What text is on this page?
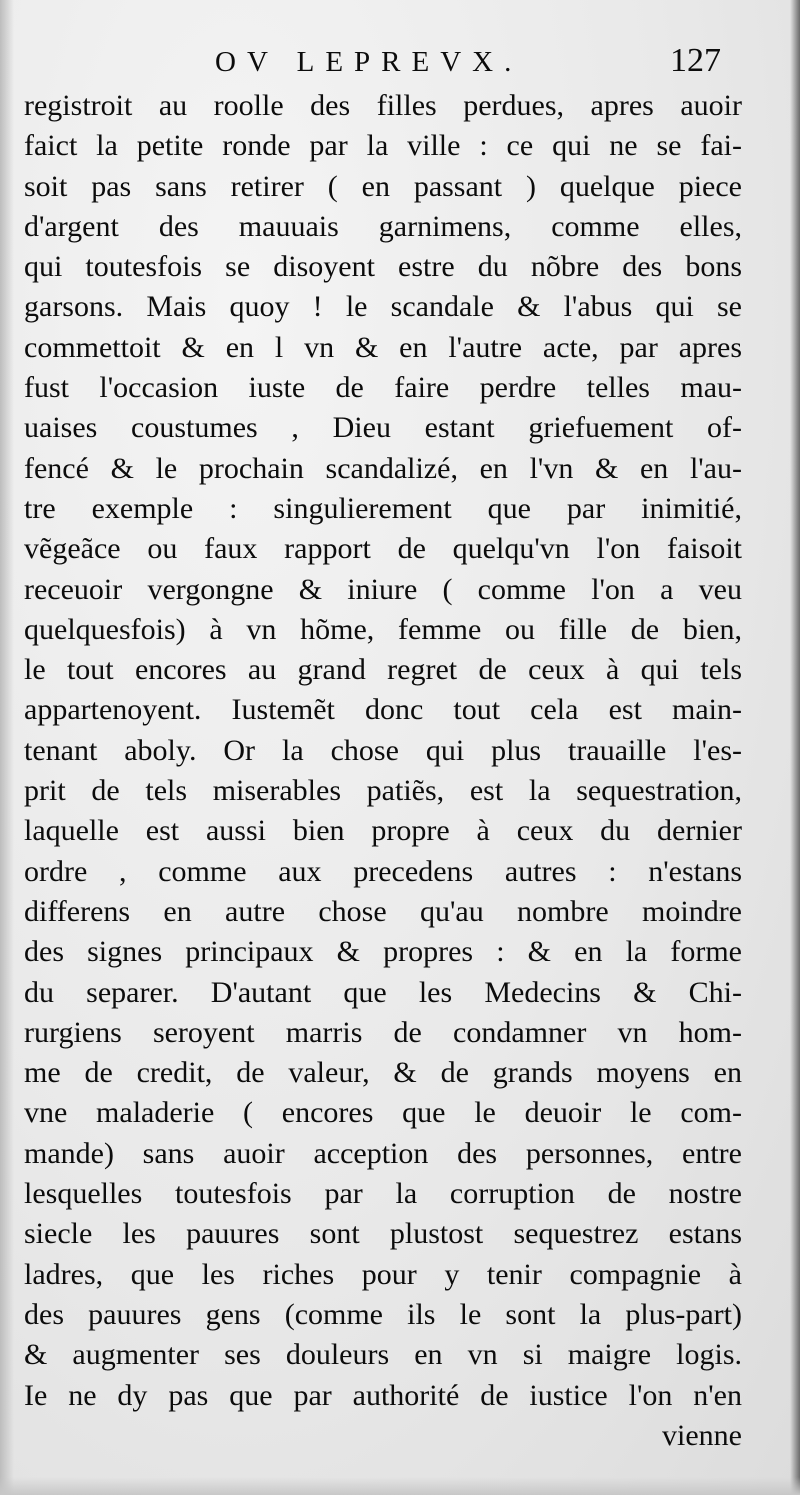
OV LEPREVX.	127
registroit au roolle des filles perdues, apres auoir
faict la petite ronde par la ville : ce qui ne se fai-
soit pas sans retirer ( en passant ) quelque piece
d'argent des mauuais garnimens, comme elles,
qui toutesfois se disoyent estre du nõbre des bons
garsons. Mais quoy ! le scandale & l'abus qui se
commettoit & en l vn & en l'autre acte, par apres
fust l'occasion iuste de faire perdre telles mau-
uaises coustumes , Dieu estant griefuement of-
fencé & le prochain scandalizé, en l'vn & en l'au-
tre exemple : singulierement que par inimitié,
vẽgeãce ou faux rapport de quelqu'vn l'on faisoit
receuoir vergongne & iniure ( comme l'on a veu
quelquesfois) à vn hõme, femme ou fille de bien,
le tout encores au grand regret de ceux à qui tels
appartenoyent. Iustemẽt donc tout cela est main-
tenant aboly. Or la chose qui plus trauaille l'es-
prit de tels miserables patiẽs, est la sequestration,
laquelle est aussi bien propre à ceux du dernier
ordre , comme aux precedens autres : n'estans
differens en autre chose qu'au nombre moindre
des signes principaux & propres : & en la forme
du separer. D'autant que les Medecins & Chi-
rurgiens seroyent marris de condamner vn hom-
me de credit, de valeur, & de grands moyens en
vne maladerie ( encores que le deuoir le com-
mande) sans auoir acception des personnes, entre
lesquelles toutesfois par la corruption de nostre
siecle les pauures sont plustost sequestrez estans
ladres, que les riches pour y tenir compagnie à
des pauures gens (comme ils le sont la plus-part)
& augmenter ses douleurs en vn si maigre logis.
Ie ne dy pas que par authorité de iustice l'on n'en
vienne
